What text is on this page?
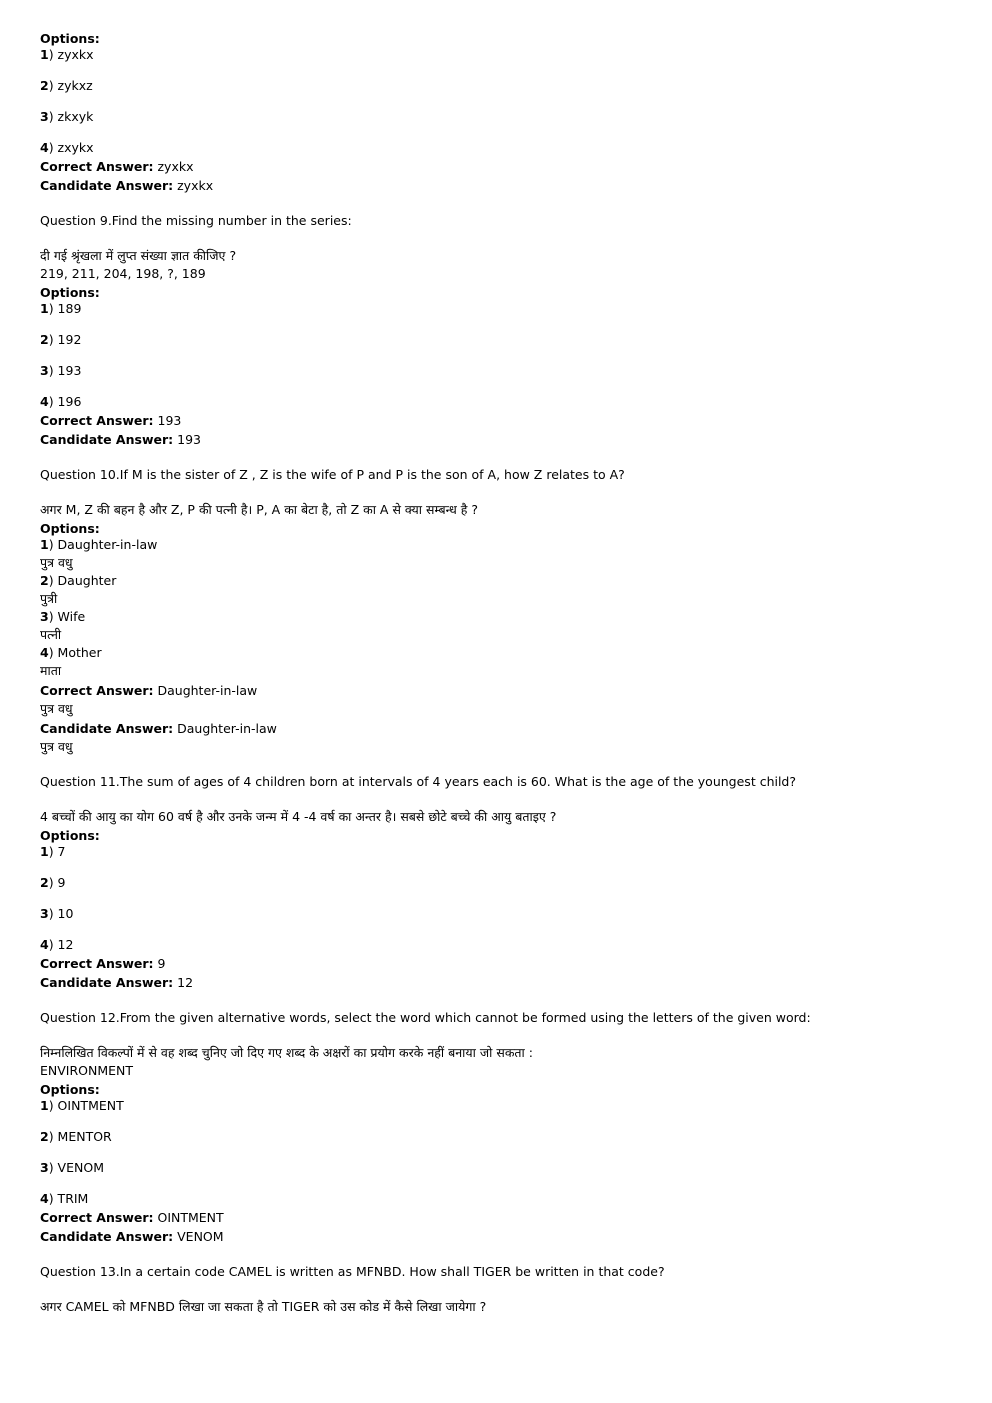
Options:
1) zyxkx
2) zykxz
3) zkxyk
4) zxykx
Correct Answer: zyxkx
Candidate Answer: zyxkx
Question 9.Find the missing number in the series:
दी गई श्रृंखला में लुप्त संख्या ज्ञात कीजिए ?
219, 211, 204, 198, ?, 189
Options:
1) 189
2) 192
3) 193
4) 196
Correct Answer: 193
Candidate Answer: 193
Question 10.If M is the sister of Z , Z is the wife of P and P is the son of A, how Z relates to A?
अगर M, Z की बहन है और Z, P की पत्नी है। P, A का बेटा है, तो Z का A से क्या सम्बन्ध है ?
Options:
1) Daughter-in-law
पुत्र वधु
2) Daughter
पुत्री
3) Wife
पत्नी
4) Mother
माता
Correct Answer: Daughter-in-law
पुत्र वधु
Candidate Answer: Daughter-in-law
पुत्र वधु
Question 11.The sum of ages of 4 children born at intervals of 4 years each is 60. What is the age of the youngest child?
4 बच्चों की आयु का योग 60 वर्ष है और उनके जन्म में 4 -4 वर्ष का अन्तर है। सबसे छोटे बच्चे की आयु बताइए ?
Options:
1) 7
2) 9
3) 10
4) 12
Correct Answer: 9
Candidate Answer: 12
Question 12.From the given alternative words, select the word which cannot be formed using the letters of the given word:
निम्नलिखित विकल्पों में से वह शब्द चुनिए जो दिए गए शब्द के अक्षरों का प्रयोग करके नहीं बनाया जो सकता :
ENVIRONMENT
Options:
1) OINTMENT
2) MENTOR
3) VENOM
4) TRIM
Correct Answer: OINTMENT
Candidate Answer: VENOM
Question 13.In a certain code CAMEL is written as MFNBD. How shall TIGER be written in that code?
अगर CAMEL को MFNBD लिखा जा सकता है तो TIGER को उस कोड में कैसे लिखा जायेगा ?
